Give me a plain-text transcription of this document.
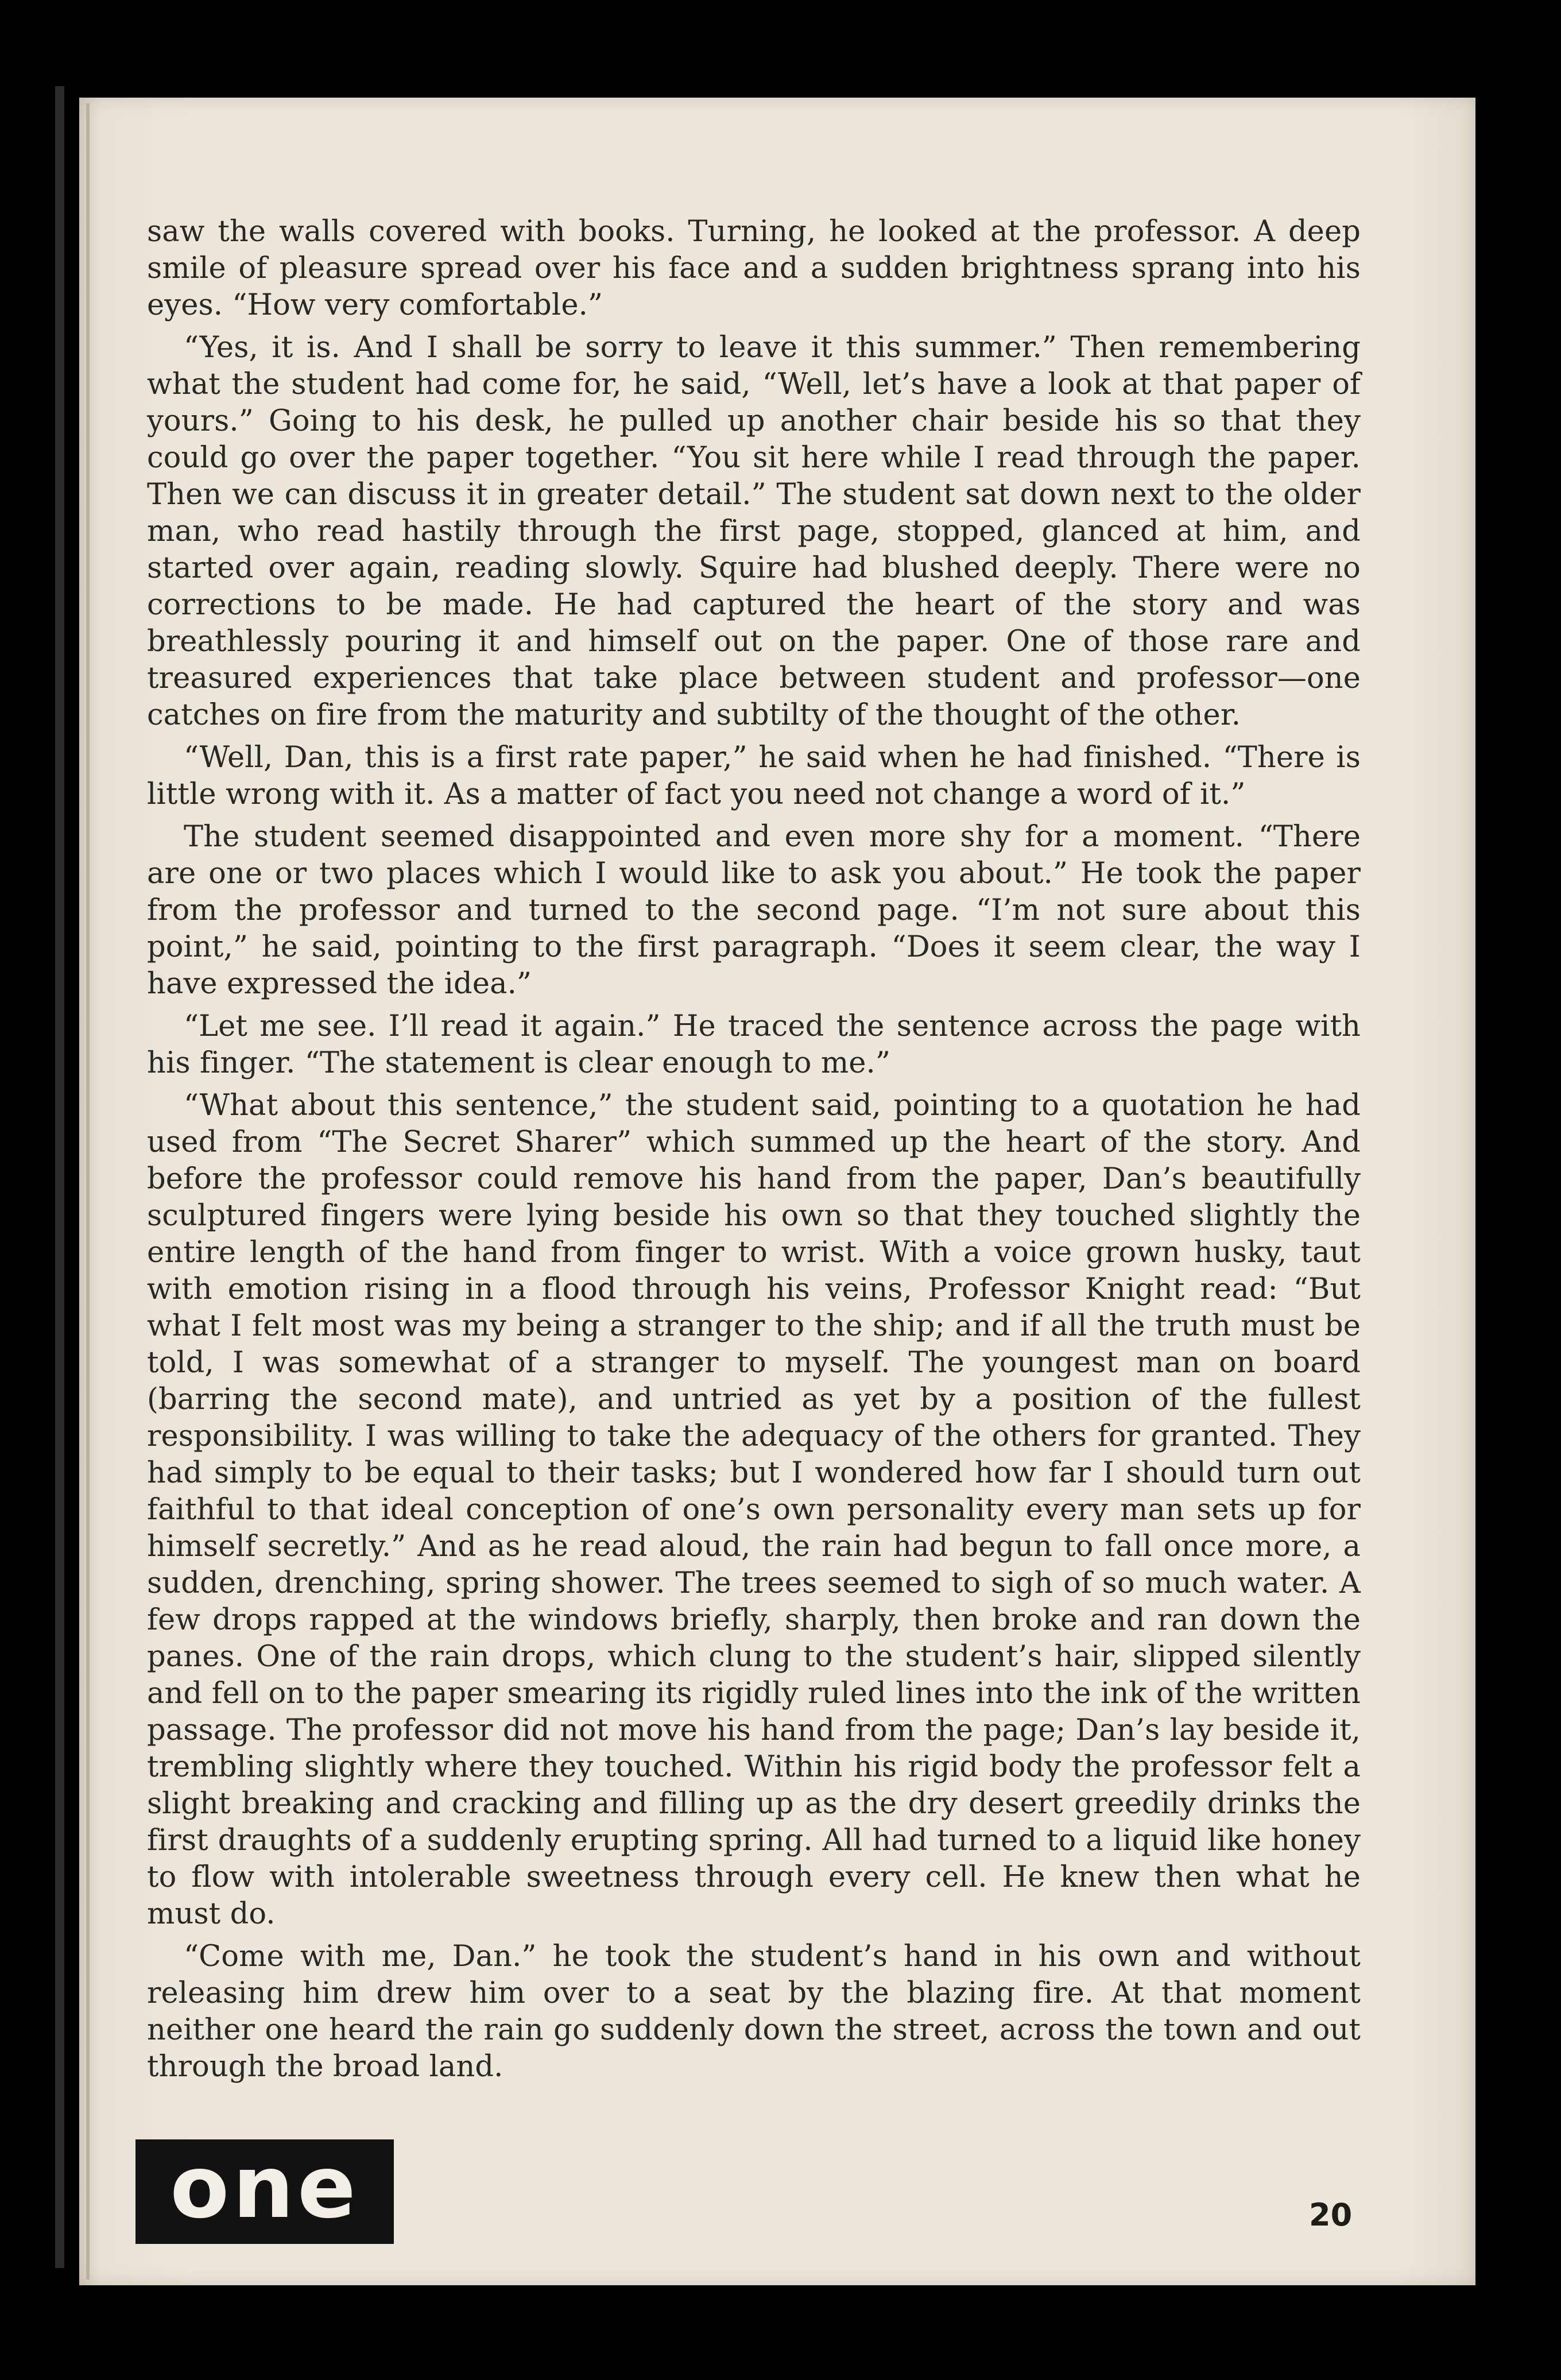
saw the walls covered with books. Turning, he looked at the professor. A deep smile of pleasure spread over his face and a sudden brightness sprang into his eyes. “How very comfortable.”

“Yes, it is. And I shall be sorry to leave it this summer.” Then remembering what the student had come for, he said, “Well, let’s have a look at that paper of yours.” Going to his desk, he pulled up another chair beside his so that they could go over the paper together. “You sit here while I read through the paper. Then we can discuss it in greater detail.” The student sat down next to the older man, who read hastily through the first page, stopped, glanced at him, and started over again, reading slowly. Squire had blushed deeply. There were no corrections to be made. He had captured the heart of the story and was breathlessly pouring it and himself out on the paper. One of those rare and treasured experiences that take place between student and professor—one catches on fire from the maturity and subtilty of the thought of the other.

“Well, Dan, this is a first rate paper,” he said when he had finished. “There is little wrong with it. As a matter of fact you need not change a word of it.”

The student seemed disappointed and even more shy for a moment. “There are one or two places which I would like to ask you about.” He took the paper from the professor and turned to the second page. “I’m not sure about this point,” he said, pointing to the first paragraph. “Does it seem clear, the way I have expressed the idea.”

“Let me see. I’ll read it again.” He traced the sentence across the page with his finger. “The statement is clear enough to me.”

“What about this sentence,” the student said, pointing to a quotation he had used from “The Secret Sharer” which summed up the heart of the story. And before the professor could remove his hand from the paper, Dan’s beautifully sculptured fingers were lying beside his own so that they touched slightly the entire length of the hand from finger to wrist. With a voice grown husky, taut with emotion rising in a flood through his veins, Professor Knight read: “But what I felt most was my being a stranger to the ship; and if all the truth must be told, I was somewhat of a stranger to myself. The youngest man on board (barring the second mate), and untried as yet by a position of the fullest responsibility. I was willing to take the adequacy of the others for granted. They had simply to be equal to their tasks; but I wondered how far I should turn out faithful to that ideal conception of one’s own personality every man sets up for himself secretly.” And as he read aloud, the rain had begun to fall once more, a sudden, drenching, spring shower. The trees seemed to sigh of so much water. A few drops rapped at the windows briefly, sharply, then broke and ran down the panes. One of the rain drops, which clung to the student’s hair, slipped silently and fell on to the paper smearing its rigidly ruled lines into the ink of the written passage. The professor did not move his hand from the page; Dan’s lay beside it, trembling slightly where they touched. Within his rigid body the professor felt a slight breaking and cracking and filling up as the dry desert greedily drinks the first draughts of a suddenly erupting spring. All had turned to a liquid like honey to flow with intolerable sweetness through every cell. He knew then what he must do.

“Come with me, Dan.” he took the student’s hand in his own and without releasing him drew him over to a seat by the blazing fire. At that moment neither one heard the rain go suddenly down the street, across the town and out through the broad land.

one	20
